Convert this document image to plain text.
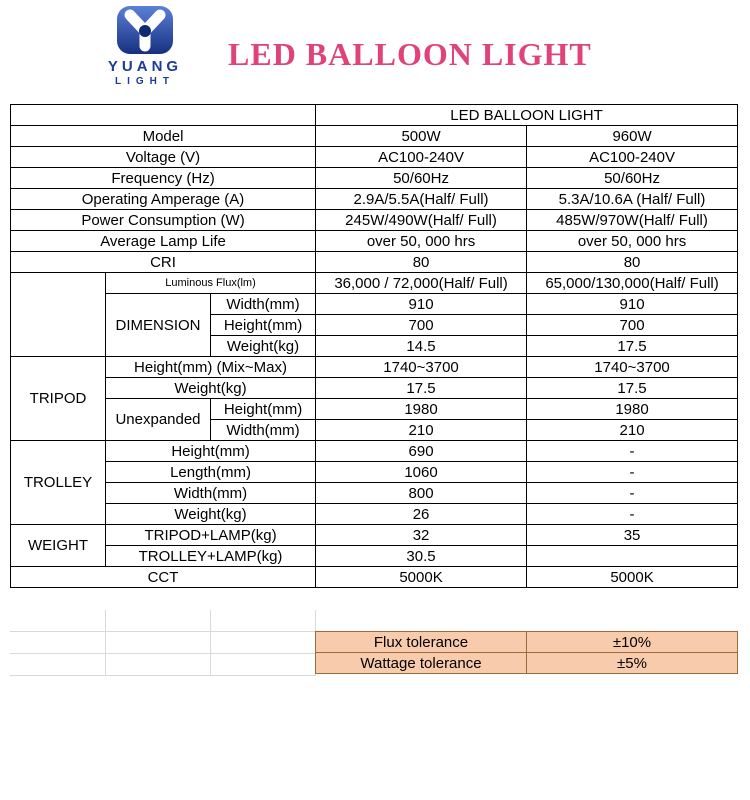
YUANG
LIGHT
LED BALLOON LIGHT
			LED BALLOON LIGHT	
Model			500W	960W
Voltage (V)			AC100-240V	AC100-240V
Frequency (Hz)			50/60Hz	50/60Hz
Operating Amperage (A)			2.9A/5.5A(Half/ Full)	5.3A/10.6A (Half/ Full)
Power Consumption (W)			245W/490W(Half/ Full)	485W/970W(Half/ Full)
Average Lamp Life			over 50, 000 hrs	over 50, 000 hrs
CRI			80	80
	Luminous Flux(lm)		36,000 / 72,000(Half/ Full)	65,000/130,000(Half/ Full)
	DIMENSION	Width(mm)	910	910
		Height(mm)	700	700
		Weight(kg)	14.5	17.5
TRIPOD	Height(mm) (Mix~Max)		1740~3700	1740~3700
	Weight(kg)		17.5	17.5
	Unexpanded	Height(mm)	1980	1980
		Width(mm)	210	210
TROLLEY	Height(mm)		690	-
	Length(mm)		1060	-
	Width(mm)		800	-
	Weight(kg)		26	-
WEIGHT	TRIPOD+LAMP(kg)		32	35
	TROLLEY+LAMP(kg)		30.5	
CCT			5000K	5000K
Flux tolerance	±10%
Wattage tolerance	±5%
